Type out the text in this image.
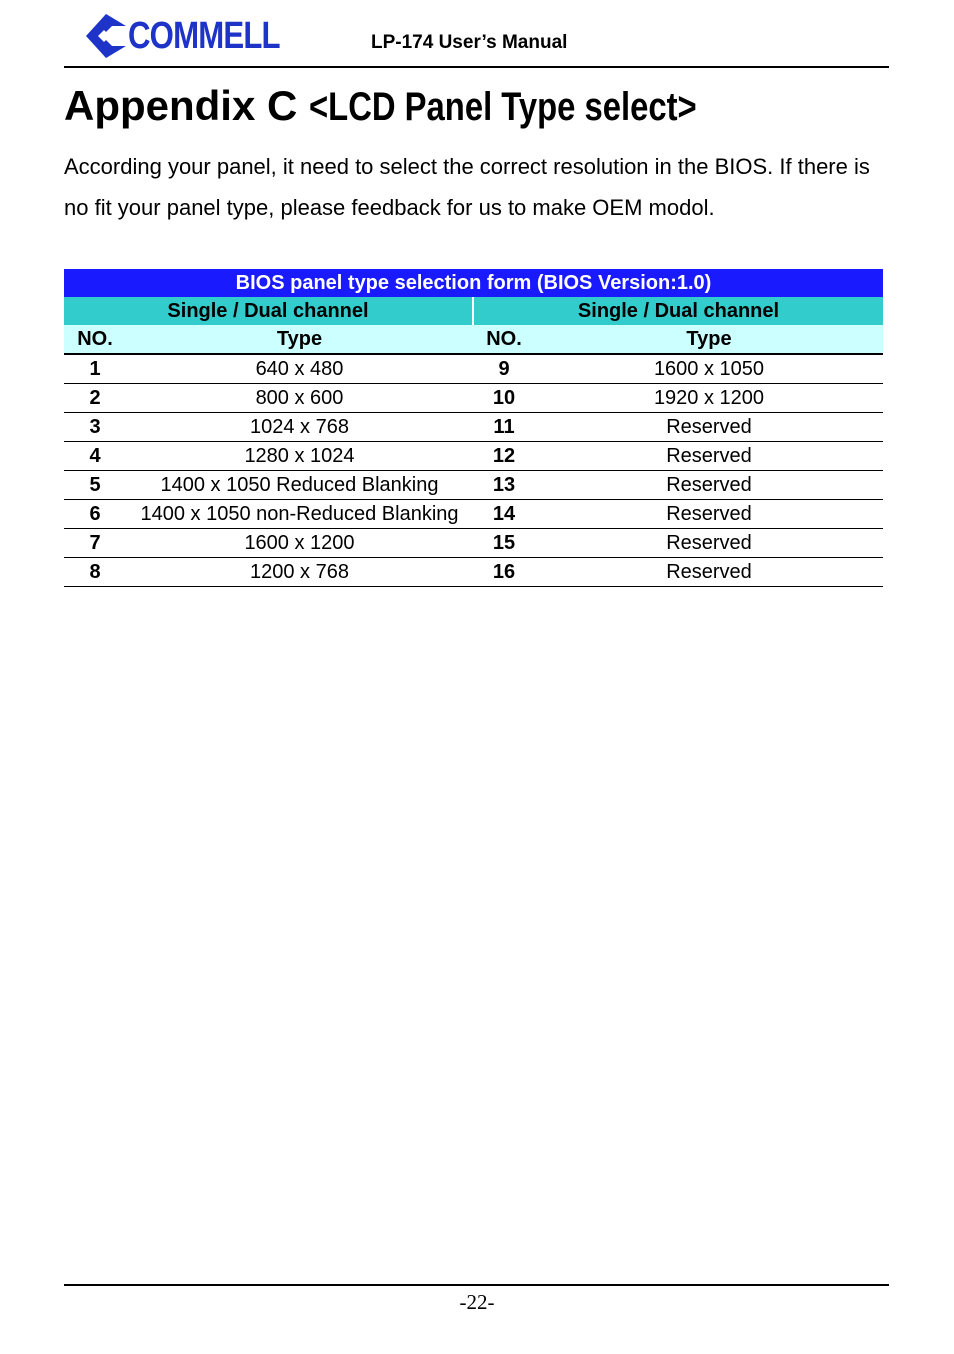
COMMELL	LP-174 User’s Manual
Appendix C <LCD Panel Type select>
According your panel, it need to select the correct resolution in the BIOS. If there is no fit your panel type, please feedback for us to make OEM modol.
BIOS panel type selection form (BIOS Version:1.0)			
Single / Dual channel		Single / Dual channel	
NO.	Type	NO.	Type
1	640 x 480	9	1600 x 1050
2	800 x 600	10	1920 x 1200
3	1024 x 768	11	Reserved
4	1280 x 1024	12	Reserved
5	1400 x 1050 Reduced Blanking	13	Reserved
6	1400 x 1050 non-Reduced Blanking	14	Reserved
7	1600 x 1200	15	Reserved
8	1200 x 768	16	Reserved
-22-
